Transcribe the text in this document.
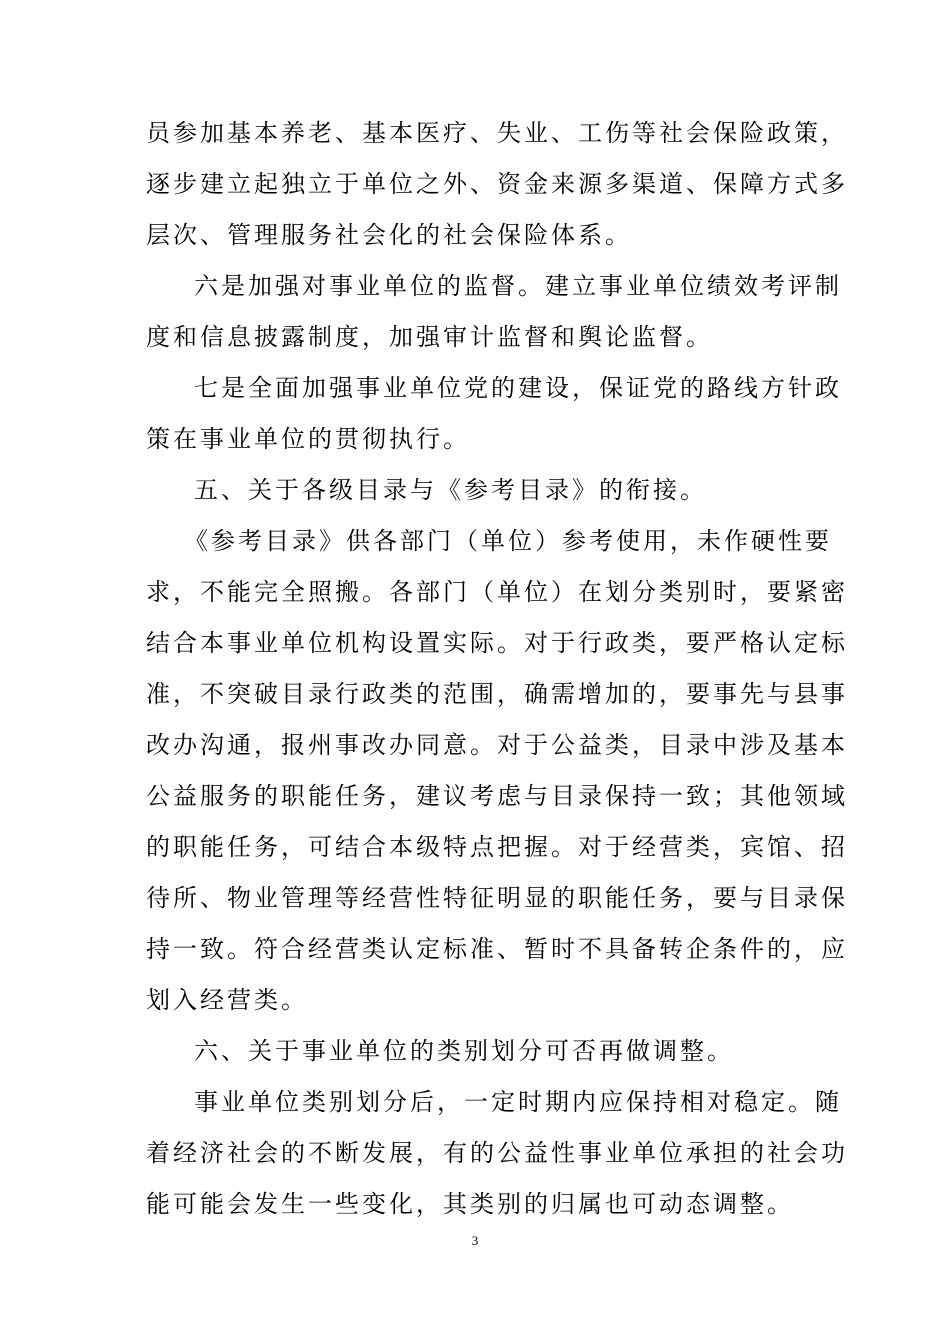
员参加基本养老、基本医疗、失业、工伤等社会保险政策，
逐步建立起独立于单位之外、资金来源多渠道、保障方式多
层次、管理服务社会化的社会保险体系。
六是加强对事业单位的监督。建立事业单位绩效考评制
度和信息披露制度，加强审计监督和舆论监督。
七是全面加强事业单位党的建设，保证党的路线方针政
策在事业单位的贯彻执行。
五、关于各级目录与《参考目录》的衔接。
《参考目录》供各部门（单位）参考使用，未作硬性要
求，不能完全照搬。各部门（单位）在划分类别时，要紧密
结合本事业单位机构设置实际。对于行政类，要严格认定标
准，不突破目录行政类的范围，确需增加的，要事先与县事
改办沟通，报州事改办同意。对于公益类，目录中涉及基本
公益服务的职能任务，建议考虑与目录保持一致；其他领域
的职能任务，可结合本级特点把握。对于经营类，宾馆、招
待所、物业管理等经营性特征明显的职能任务，要与目录保
持一致。符合经营类认定标准、暂时不具备转企条件的，应
划入经营类。
六、关于事业单位的类别划分可否再做调整。
事业单位类别划分后，一定时期内应保持相对稳定。随
着经济社会的不断发展，有的公益性事业单位承担的社会功
能可能会发生一些变化，其类别的归属也可动态调整。
3
